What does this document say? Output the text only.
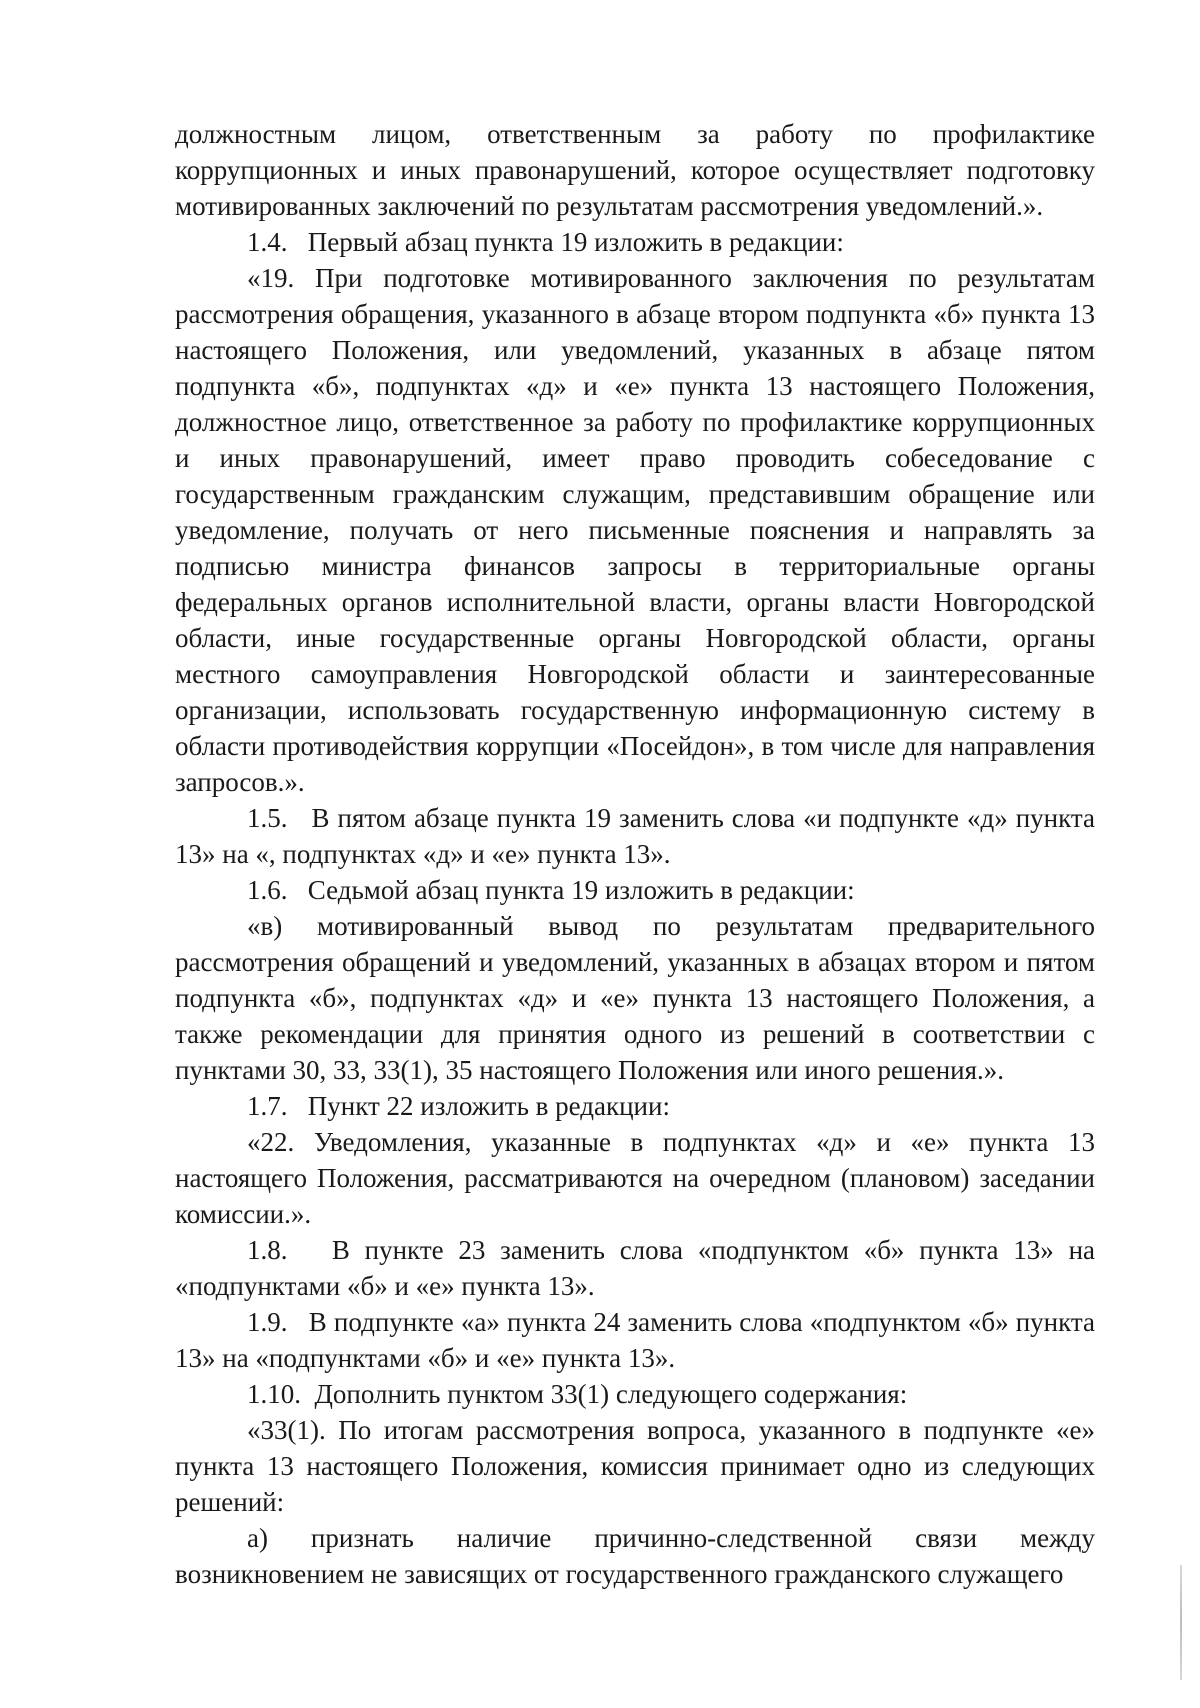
должностным лицом, ответственным за работу по профилактике коррупционных и иных правонарушений, которое осуществляет подготовку мотивированных заключений по результатам рассмотрения уведомлений.».

1.4.   Первый абзац пункта 19 изложить в редакции:

«19. При подготовке мотивированного заключения по результатам рассмотрения обращения, указанного в абзаце втором подпункта «б» пункта 13 настоящего Положения, или уведомлений, указанных в абзаце пятом подпункта «б», подпунктах «д» и «е» пункта 13 настоящего Положения, должностное лицо, ответственное за работу по профилактике коррупционных и иных правонарушений, имеет право проводить собеседование с государственным гражданским служащим, представившим обращение или уведомление, получать от него письменные пояснения и направлять за подписью министра финансов запросы в территориальные органы федеральных органов исполнительной власти, органы власти Новгородской области, иные государственные органы Новгородской области, органы местного самоуправления Новгородской области и заинтересованные организации, использовать государственную информационную систему в области противодействия коррупции «Посейдон», в том числе для направления запросов.».

1.5.   В пятом абзаце пункта 19 заменить слова «и подпункте «д» пункта 13» на «, подпунктах «д» и «е» пункта 13».

1.6.   Седьмой абзац пункта 19 изложить в редакции:

«в) мотивированный вывод по результатам предварительного рассмотрения обращений и уведомлений, указанных в абзацах втором и пятом подпункта «б», подпунктах «д» и «е» пункта 13 настоящего Положения, а также рекомендации для принятия одного из решений в соответствии с пунктами 30, 33, 33(1), 35 настоящего Положения или иного решения.».

1.7.   Пункт 22 изложить в редакции:

«22. Уведомления, указанные в подпунктах «д» и «е» пункта 13 настоящего Положения, рассматриваются на очередном (плановом) заседании комиссии.».

1.8.   В пункте 23 заменить слова «подпунктом «б» пункта 13» на «подпунктами «б» и «е» пункта 13».

1.9.   В подпункте «а» пункта 24 заменить слова «подпунктом «б» пункта 13» на «подпунктами «б» и «е» пункта 13».

1.10.  Дополнить пунктом 33(1) следующего содержания:

«33(1). По итогам рассмотрения вопроса, указанного в подпункте «е» пункта 13 настоящего Положения, комиссия принимает одно из следующих решений:

а) признать наличие причинно-следственной связи между возникновением не зависящих от государственного гражданского служащего
